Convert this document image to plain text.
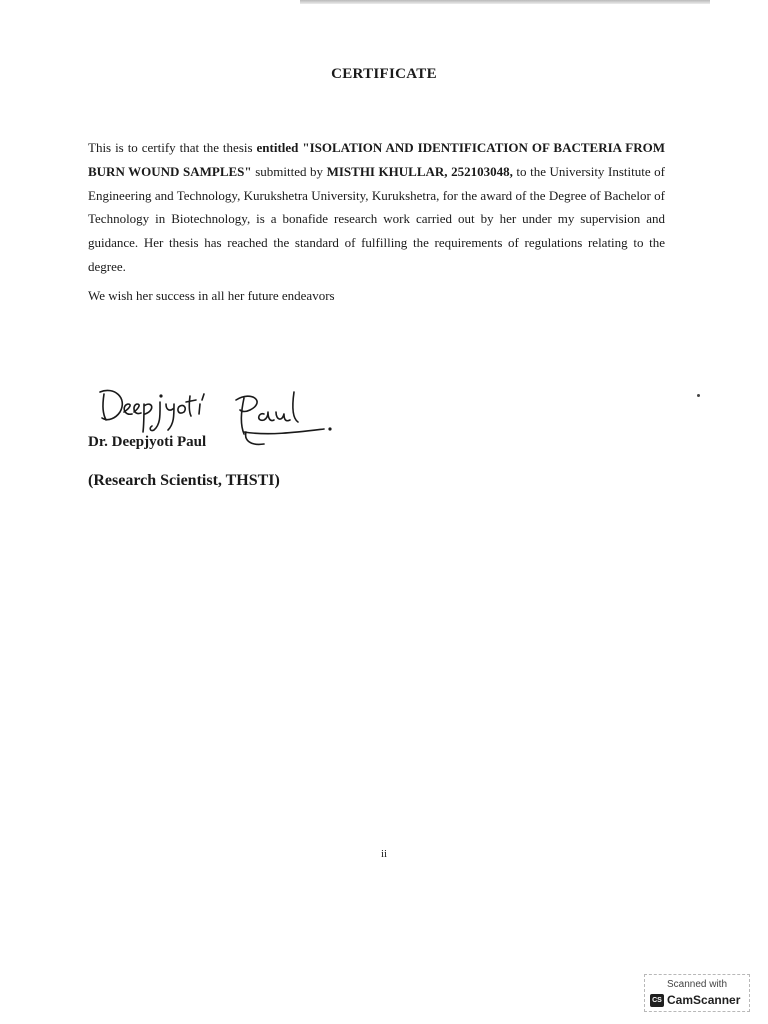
CERTIFICATE

This is to certify that the thesis entitled "ISOLATION AND IDENTIFICATION OF BACTERIA FROM BURN WOUND SAMPLES" submitted by MISTHI KHULLAR, 252103048, to the University Institute of Engineering and Technology, Kurukshetra University, Kurukshetra, for the award of the Degree of Bachelor of Technology in Biotechnology, is a bonafide research work carried out by her under my supervision and guidance. Her thesis has reached the standard of fulfilling the requirements of regulations relating to the degree.

We wish her success in all her future endeavors

Dr. Deepjyoti Paul
(Research Scientist, THSTI)
ii
Scanned with
CS CamScanner
